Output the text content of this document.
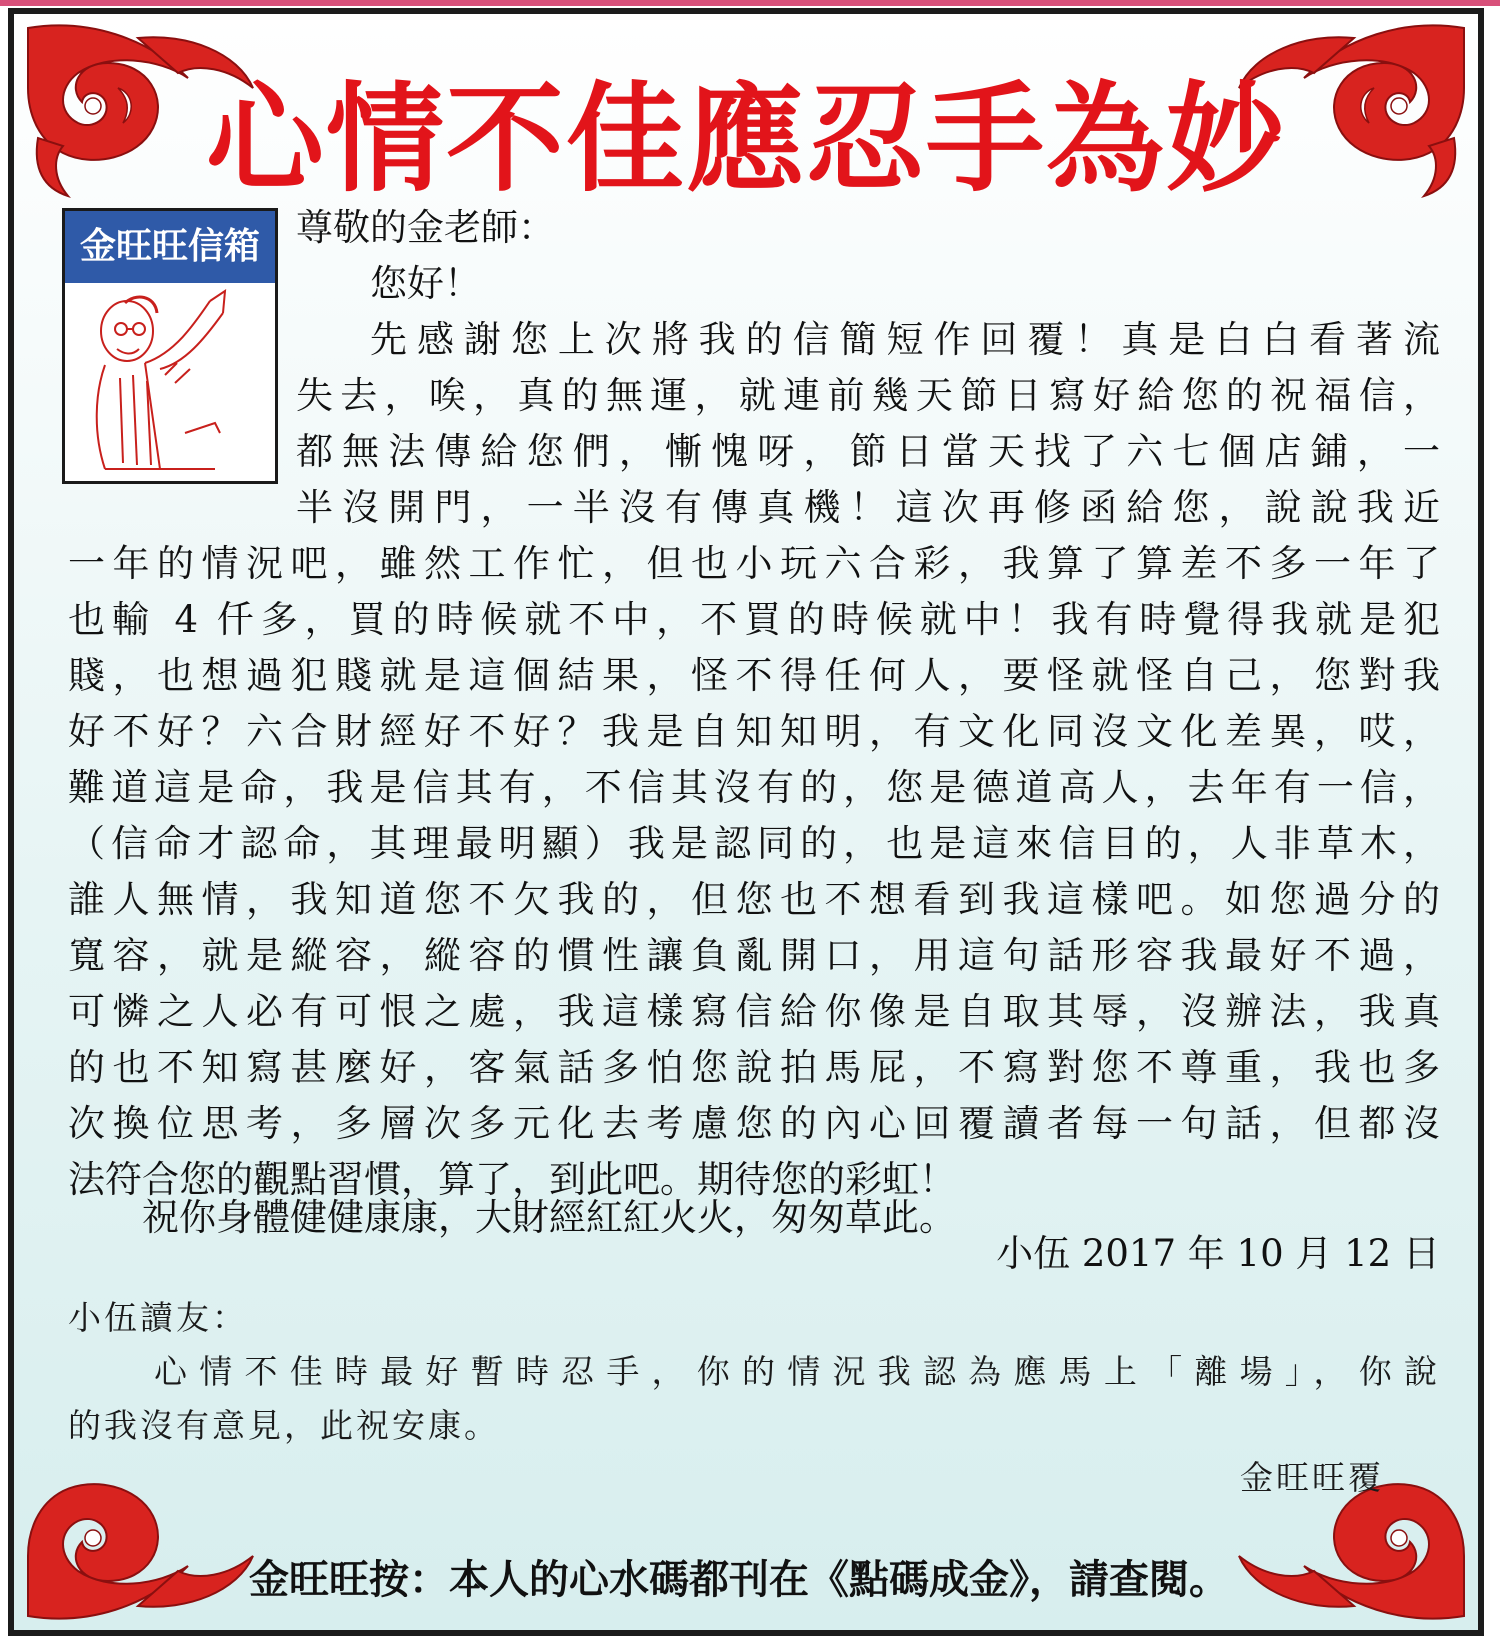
心情不佳應忍手為妙
金旺旺信箱 尊敬的金老師：
您好！
先感謝您上次將我的信簡短作回覆！真是白白看著流
失去，唉，真的無運，就連前幾天節日寫好給您的祝福信，
都無法傳給您們，慚愧呀，節日當天找了六七個店鋪，一
半沒開門，一半沒有傳真機！這次再修函給您，說說我近
一年的情況吧，雖然工作忙，但也小玩六合彩，我算了算差不多一年了
也輸 4 仟多，買的時候就不中，不買的時候就中！我有時覺得我就是犯
賤，也想過犯賤就是這個結果，怪不得任何人，要怪就怪自己，您對我
好不好？六合財經好不好？我是自知知明，有文化同沒文化差異，哎，
難道這是命，我是信其有，不信其沒有的，您是德道高人，去年有一信，
（信命才認命，其理最明顯）我是認同的，也是這來信目的，人非草木，
誰人無情，我知道您不欠我的，但您也不想看到我這樣吧。如您過分的
寬容，就是縱容，縱容的慣性讓負亂開口，用這句話形容我最好不過，
可憐之人必有可恨之處，我這樣寫信給你像是自取其辱，沒辦法，我真
的也不知寫甚麼好，客氣話多怕您說拍馬屁，不寫對您不尊重，我也多
次換位思考，多層次多元化去考慮您的內心回覆讀者每一句話，但都沒
法符合您的觀點習慣，算了，到此吧。期待您的彩虹！
祝你身體健健康康，大財經紅紅火火，匆匆草此。
小伍 2017 年 10 月 12 日
小伍讀友：
心情不佳時最好暫時忍手，你的情況我認為應馬上「離場」，你說
的我沒有意見，此祝安康。
金旺旺覆
金旺旺按：本人的心水碼都刊在《點碼成金》，請查閱。
